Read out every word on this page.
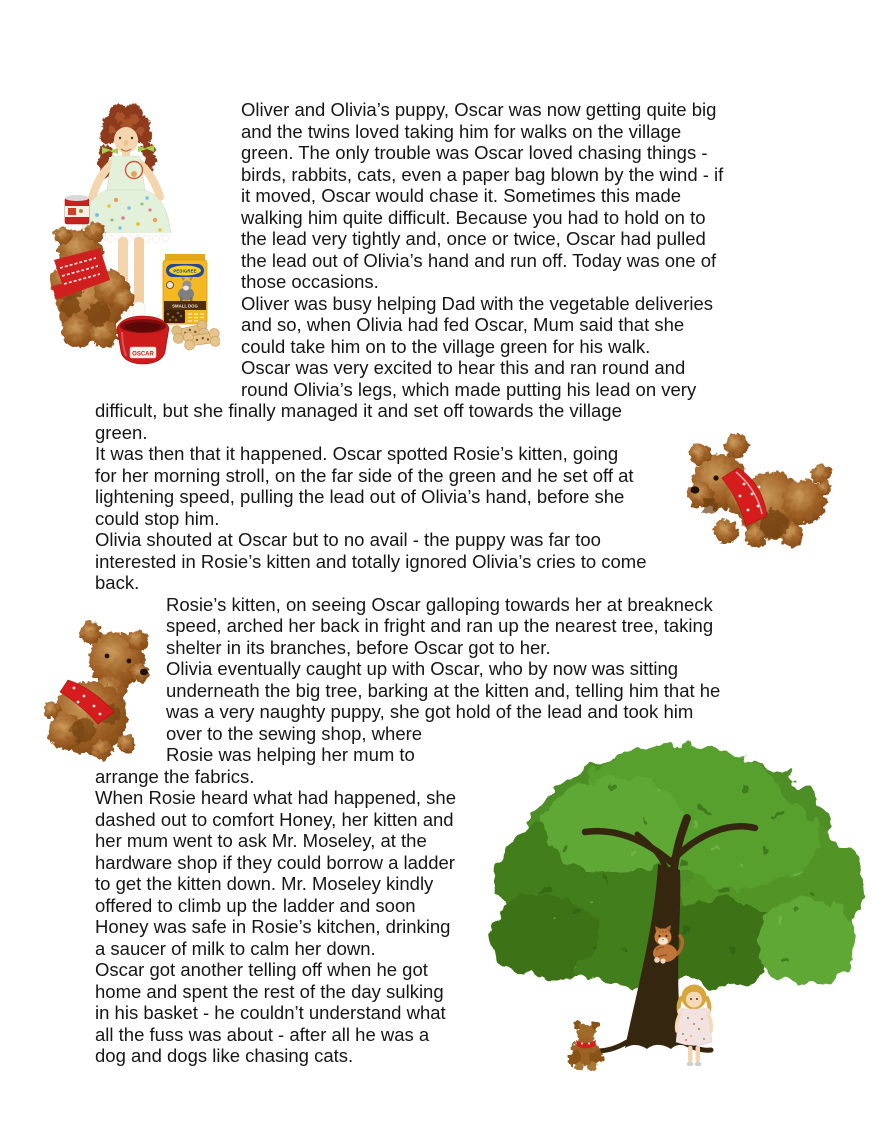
PEDIGREE
SMALL DOG
OSCAR
Oliver and Olivia’s puppy, Oscar was now getting quite big
and the twins loved taking him for walks on the village
green. The only trouble was Oscar loved chasing things -
birds, rabbits, cats, even a paper bag blown by the wind - if
it moved, Oscar would chase it. Sometimes this made
walking him quite difficult. Because you had to hold on to
the lead very tightly and, once or twice, Oscar had pulled
the lead out of Olivia’s hand and run off. Today was one of
those occasions.
Oliver was busy helping Dad with the vegetable deliveries
and so, when Olivia had fed Oscar, Mum said that she
could take him on to the village green for his walk.
Oscar was very excited to hear this and ran round and
round Olivia’s legs, which made putting his lead on very
difficult, but she finally managed it and set off towards the village
green.
It was then that it happened. Oscar spotted Rosie’s kitten, going
for her morning stroll, on the far side of the green and he set off at
lightening speed, pulling the lead out of Olivia’s hand, before she
could stop him.
Olivia shouted at Oscar but to no avail - the puppy was far too
interested in Rosie’s kitten and totally ignored Olivia’s cries to come
back.

Rosie’s kitten, on seeing Oscar galloping towards her at breakneck
speed, arched her back in fright and ran up the nearest tree, taking
shelter in its branches, before Oscar got to her.
Olivia eventually caught up with Oscar, who by now was sitting
underneath the big tree, barking at the kitten and, telling him that he
was a very naughty puppy, she got hold of the lead and took him
over to the sewing shop, where
Rosie was helping her mum to
arrange the fabrics.
When Rosie heard what had happened, she
dashed out to comfort Honey, her kitten and
her mum went to ask Mr. Moseley, at the
hardware shop if they could borrow a ladder
to get the kitten down. Mr. Moseley kindly
offered to climb up the ladder and soon
Honey was safe in Rosie’s kitchen, drinking
a saucer of milk to calm her down.
Oscar got another telling off when he got
home and spent the rest of the day sulking
in his basket - he couldn’t understand what
all the fuss was about - after all he was a
dog and dogs like chasing cats.
